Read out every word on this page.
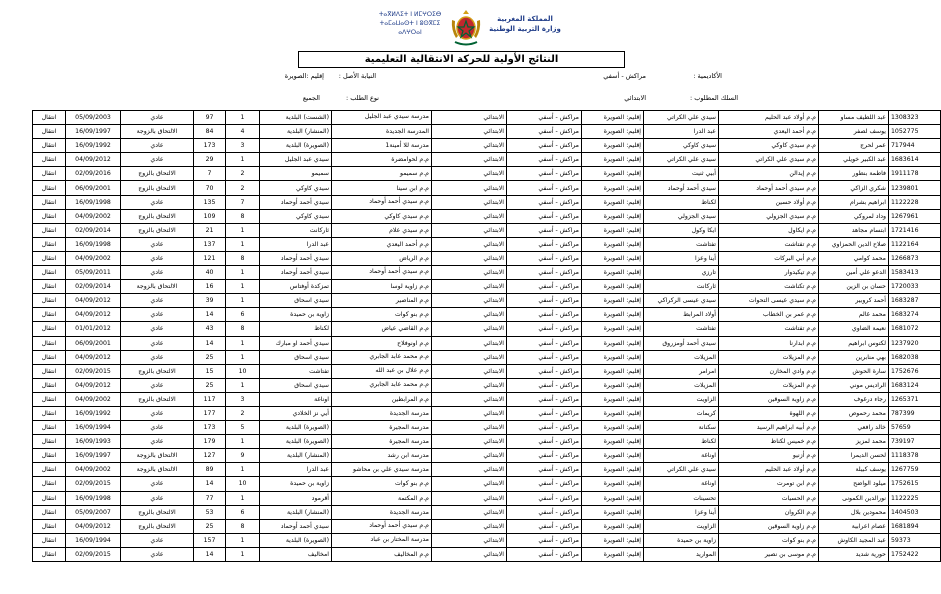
ⵜⴰⴳⵍⴷⵉⵜ ⵏ ⵍⵎⵖⵔⵉⴱ
ⵜⴰⵎⴰⵡⴰⵙⵜ ⵏ ⵓⵙⴳⵎⵉ
ⴰⴷⵖⵔⴰⵏ
المملكة المغربية
وزارة التربية الوطنية
النتائج الأولية للحركة الانتقالية التعليمية
الأكاديمية :
مراكش - أسفي
النيابة الأصل :
إقليم :الصويرة
السلك المطلوب :
الابتدائي
نوع الطلب :
الجميع
1308323	عبد اللطيف مساو	م.م أولاد عبد الحليم	سيدي علي الكراتي	إقليم: الصويرة	مراكش - أسفي	الابتدائي	مدرسة سيدي عبد الجليل	(الشست) البلدية	1	97	عادي	05/09/2003	انتقال
1052775	يوسف لصفر	م.م أحمد اليعدي	عبد الدرا	إقليم: الصويرة	مراكش - أسفي	الابتدائي	المدرسة الجديدة	(المنشار) البلدية	4	84	الالتحاق بالزوجة	16/09/1997	انتقال
717944	عمر لحرج	م.م سيدي كاوكي	سيدي كاوكي	إقليم: الصويرة	مراكش - أسفي	الابتدائي	مدرسة للا أمينة1	(الصويرة) البلدية	3	173	عادي	16/09/1992	انتقال
1683614	عبد الكبير خويلي	م.م سيدي علي الكراتي	سيدي علي الكراتي	إقليم: الصويرة	مراكش - أسفي	الابتدائي	م.م لحوامضرة	سيدي عبد الجليل	1	29	عادي	04/09/2012	انتقال
1911178	فاطمة بنطور	م.م إيدالن	أبيي ثنيت	إقليم: الصويرة	مراكش - أسفي	الابتدائي	م.م سميمو	سميمو	2	7	الالتحاق بالزوج	02/09/2016	انتقال
1239801	شكري الزاكي	م.م سيدي أحمد أوحماد	سيدي أحمد أوحماد	إقليم: الصويرة	مراكش - أسفي	الابتدائي	م.م ابن سينا	سيدي كاوكي	2	70	الالتحاق بالزوج	06/09/2001	انتقال
1122228	ابراهيم بشرام	م.م أولاد حسين	لكناظ	إقليم: الصويرة	مراكش - أسفي	الابتدائي	م.م سيدي أحمد أوحماد	سيدي أحمد أوحماد	7	135	عادي	16/09/1998	انتقال
1267961	وداد لمروكي	م.م سيدي الجزولي	سيدي الجزولي	إقليم: الصويرة	مراكش - أسفي	الابتدائي	م.م سيدي كاوكي	سيدي كاوكي	8	109	الالتحاق بالزوج	04/09/2002	انتقال
1721416	ابتسام مجاهد	م.م ايكاول	ايكا وكول	إقليم: الصويرة	مراكش - أسفي	الابتدائي	م.م سيدي علام	ثاركانت	1	21	الالتحاق بالزوج	02/09/2014	انتقال
1122164	صلاح الدين الحمزاوي	م.م تفتاشت	تفتاشت	إقليم: الصويرة	مراكش - أسفي	الابتدائي	م.م أحمد اليعدي	عبد الدرا	1	137	عادي	16/09/1998	انتقال
1266873	محمد كوامي	م.م أبي البركات	أينا وعزا	إقليم: الصويرة	مراكش - أسفي	الابتدائي	م.م الرياض	سيدي أحمد أوحماد	8	121	عادي	04/09/2002	انتقال
1583413	الدعو علي أمين	م.م تيكيدوار	تارزي	إقليم: الصويرة	مراكش - أسفي	الابتدائي	م.م سيدي أحمد أوحماد	سيدي أحمد أوحماد	1	40	عادي	05/09/2011	انتقال
1720033	حسان بن الزين	م.م تكناشت	ثاركانت	إقليم: الصويرة	مراكش - أسفي	الابتدائي	م.م زاوية لوسا	تمزكدة أوفتاس	1	16	الالتحاق بالزوجة	02/09/2014	انتقال
1683287	أحمد كروبير	م.م سيدي عيسى التحوات	سيدي عيسى الركراكي	إقليم: الصويرة	مراكش - أسفي	الابتدائي	م.م المناصير	سيدي اسحاق	1	39	عادي	04/09/2012	انتقال
1683274	محمد غالم	م.م عمر بن الخطاب	أولاد المرابط	إقليم: الصويرة	مراكش - أسفي	الابتدائي	م.م بنو كوات	زاوية بن حميدة	6	14	عادي	04/09/2012	انتقال
1681072	نعيمة الضاوي	م.م تفتاشت	تفتاشت	إقليم: الصويرة	مراكش - أسفي	الابتدائي	م.م القاضي عياض	لكناظ	8	43	عادي	01/01/2012	انتقال
1237920	لكتوس ابراهيم	م.م ابدارنا	سيدي أحمد أومزروق	إقليم: الصويرة	مراكش - أسفي	الابتدائي	م.م اونوفلاح	سيدي أحمد او مبارك	1	14	عادي	06/09/2001	انتقال
1682038	بهي منابرين	م.م المزيلات	المزيلات	إقليم: الصويرة	مراكش - أسفي	الابتدائي	م.م محمد عابد الجابري	سيدي اسحاق	1	25	عادي	04/09/2012	انتقال
1752676	سارة الحوش	م.م وادي المخازن	امرامر	إقليم: الصويرة	مراكش - أسفي	الابتدائي	م.م علال بن عبد الله	تفتاشت	10	15	الالتحاق بالزوج	02/09/2015	انتقال
1683124	الراديس موني	م.م المزيلات	المزيلات	إقليم: الصويرة	مراكش - أسفي	الابتدائي	م.م محمد عابد الجابري	سيدي اسحاق	1	25	عادي	04/09/2012	انتقال
1265371	رجاء درغوف	م.م زاوية السوقين	الزاويت	إقليم: الصويرة	مراكش - أسفي	الابتدائي	م.م المرابطين	اوناغة	3	117	الالتحاق بالزوج	04/09/2002	انتقال
787399	محمد رحموص	م.م اللهوة	كريمات	إقليم: الصويرة	مراكش - أسفي	الابتدائي	مدرسة الجديدة	أيي نز الخلادي	2	177	عادي	16/09/1992	انتقال
57659	خالد رافعي	م.م أبيه ابراهيم الرسيد	سكنانة	إقليم: الصويرة	مراكش - أسفي	الابتدائي	مدرسة المجيرة	(الصويرة) البلدية	5	173	عادي	16/09/1994	انتقال
739197	محمد لمزيز	م.م خميس لكناظ	لكناظ	إقليم: الصويرة	مراكش - أسفي	الابتدائي	مدرسة المجيرة	(الصويرة) البلدية	1	179	عادي	16/09/1993	انتقال
1118378	لحسن الديمرا	م.م أزنيو	اوناغة	إقليم: الصويرة	مراكش - أسفي	الابتدائي	مدرسة ابن رشد	(المنشار) البلدية	9	127	الالتحاق بالزوجة	16/09/1997	انتقال
1267759	يوسف كبيلة	م.م أولاد عبد الحليم	سيدي علي الكراتي	إقليم: الصويرة	مراكش - أسفي	الابتدائي	مدرسة سيدي علي بن محاشو	عبد الدرا	1	89	الالتحاق بالزوجة	04/09/2002	انتقال
1752615	ميلود الواضح	م.م ابن تومرت	اوناغة	إقليم: الصويرة	مراكش - أسفي	الابتدائي	م.م بنو كوات	زاوية بن حميدة	10	14	عادي	02/09/2015	انتقال
1122225	نورالدين الكمونى	م.م الحسيات	تحسينات	إقليم: الصويرة	مراكش - أسفي	الابتدائي	م.م المكتمة	أقرمود	1	77	عادي	16/09/1998	انتقال
1404503	محمودين بلال	م.م الكروان	أينا وعزا	إقليم: الصويرة	مراكش - أسفي	الابتدائي	مدرسة الجديدة	(المنشار) البلدية	6	53	الالتحاق بالزوج	05/09/2007	انتقال
1681894	عصام اعرابية	م.م زاوية السوقين	الزاويت	إقليم: الصويرة	مراكش - أسفي	الابتدائي	م.م سيدي أحمد أوحماد	سيدي أحمد أوحماد	8	25	الالتحاق بالزوج	04/09/2012	انتقال
59373	عبد المجيد الكاوش	م.م بنو كوات	زاوية بن حميدة	إقليم: الصويرة	مراكش - أسفي	الابتدائي	مدرسة المختار بن عباد	(الصويرة) البلدية	1	157	عادي	16/09/1994	انتقال
1752422	حورية شديد	م.م موسى بن نصير	المواريد	إقليم: الصويرة	مراكش - أسفي	الابتدائي	م.م المخاليف	امخاليف	1	14	عادي	02/09/2015	انتقال
